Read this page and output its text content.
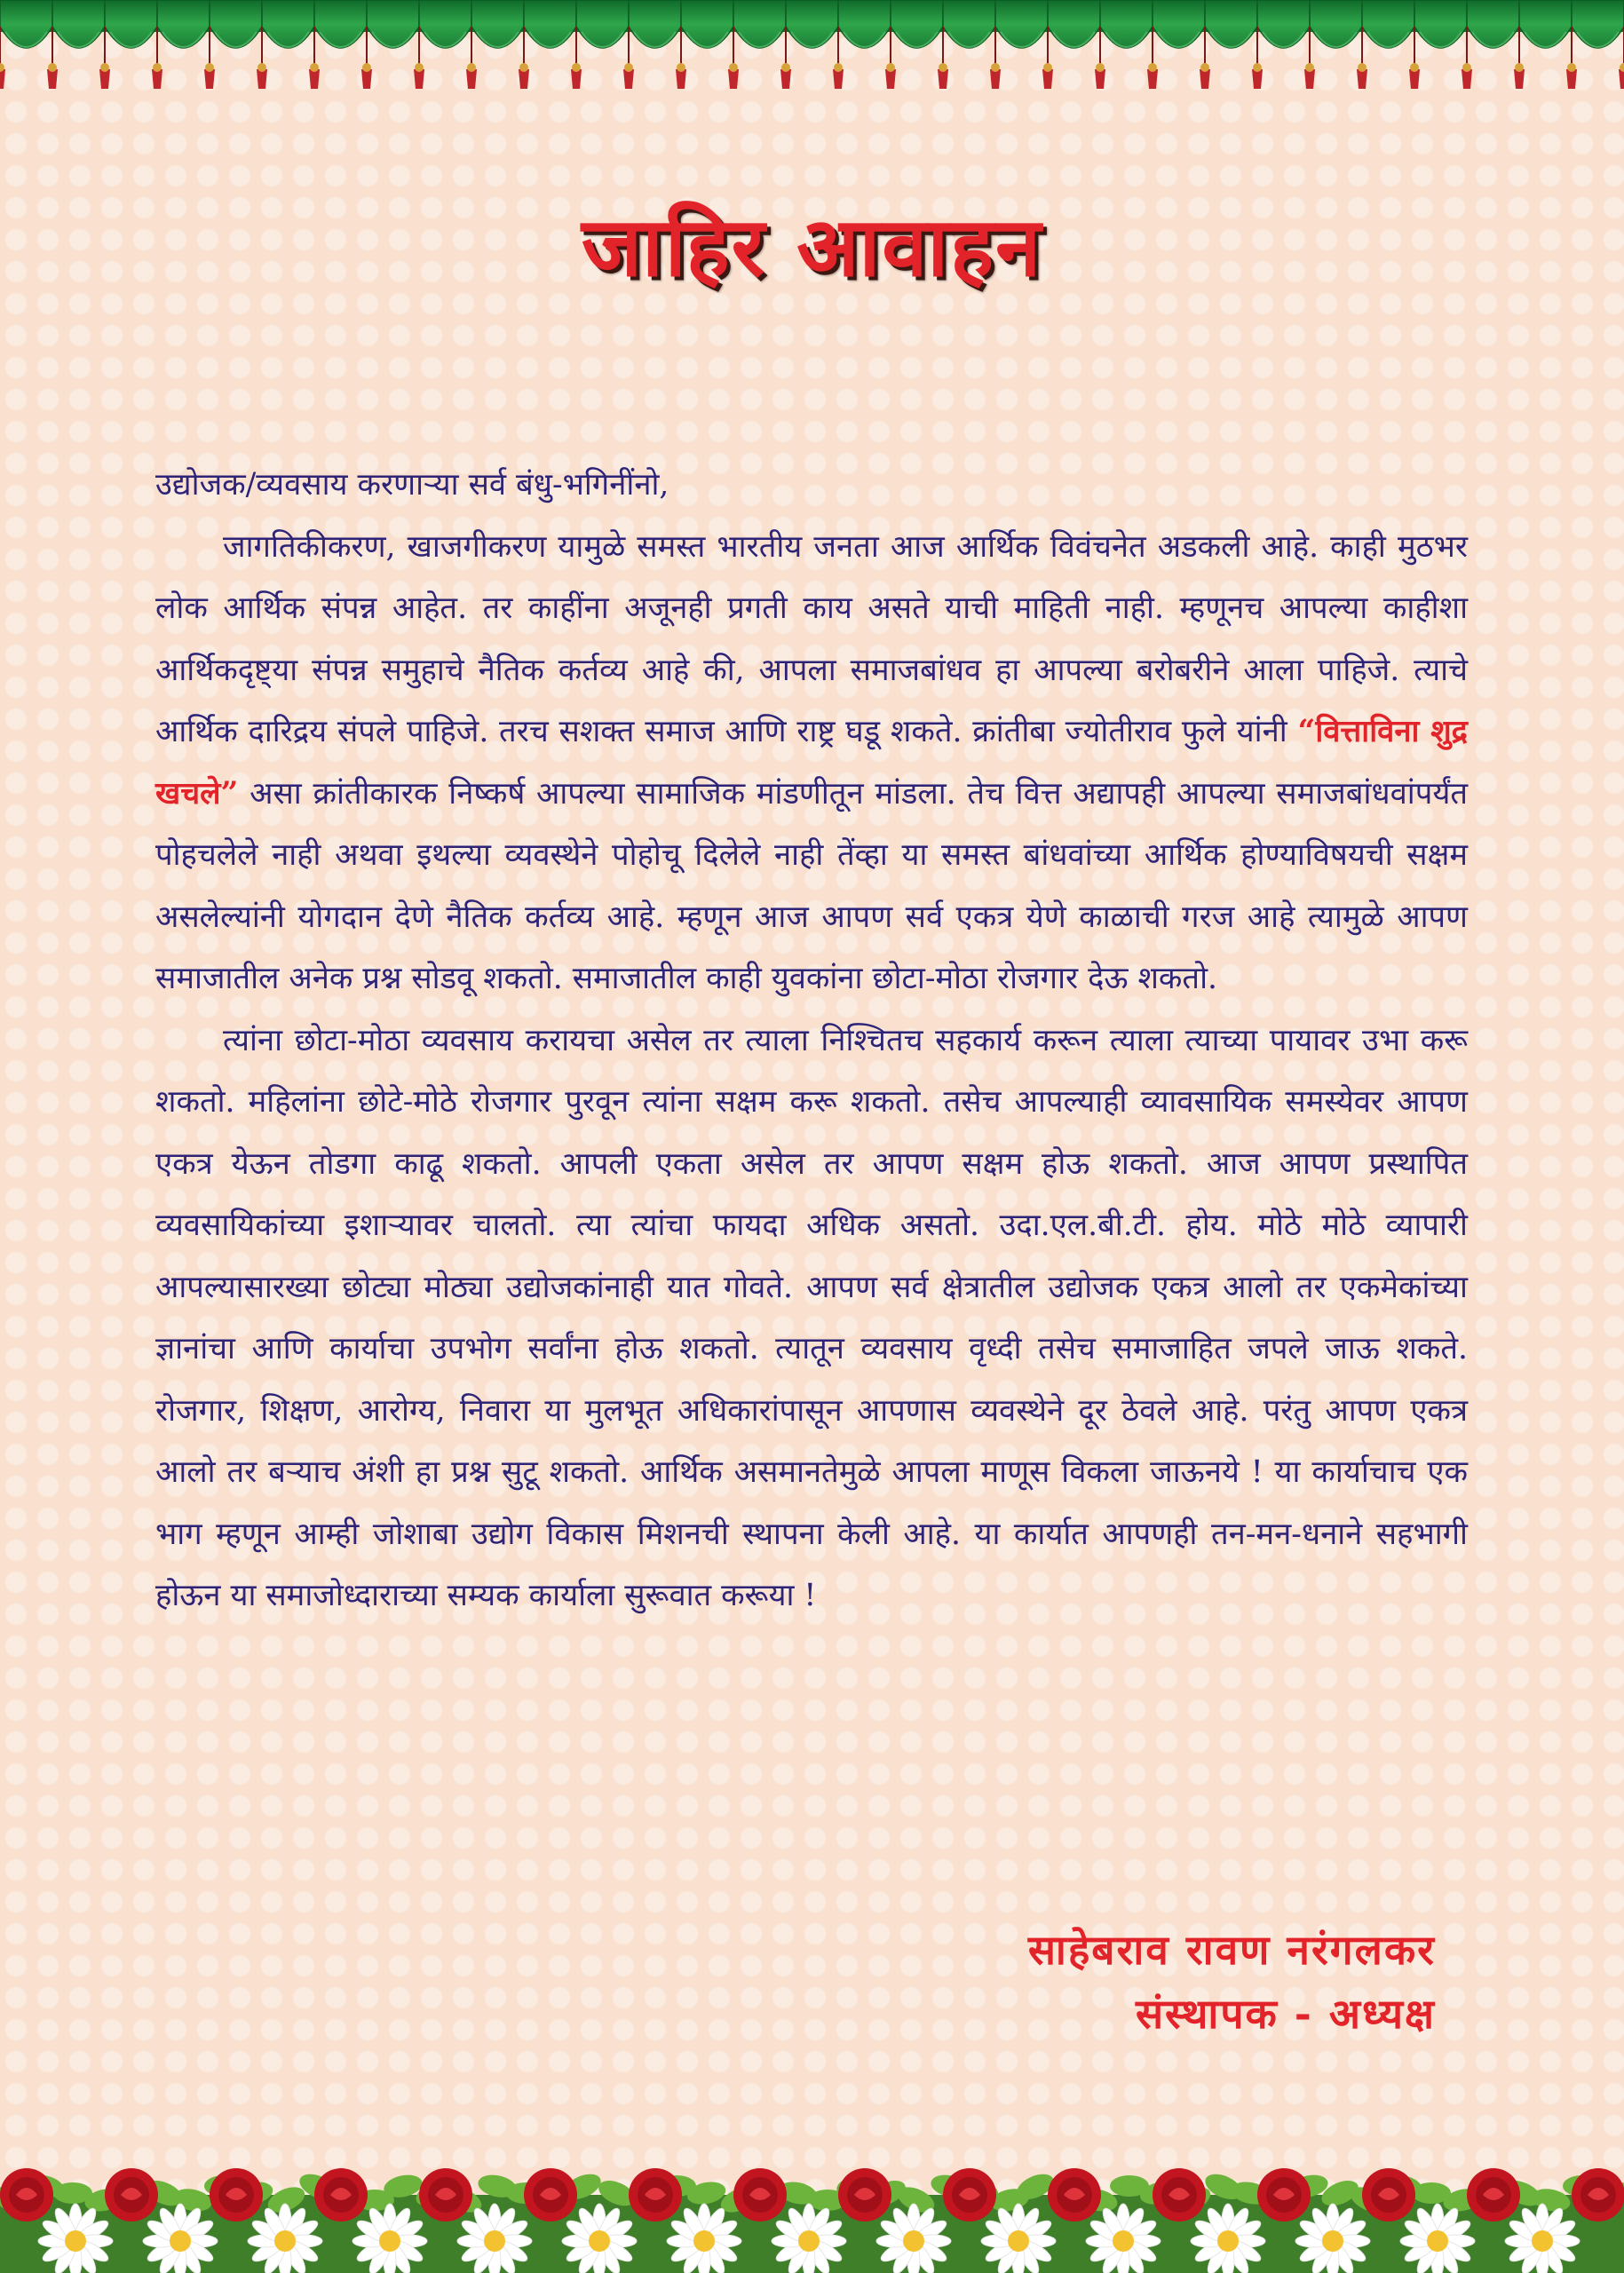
जाहिर आवाहन

उद्योजक/व्यवसाय करणाऱ्या सर्व बंधु-भगिनींनो,

जागतिकीकरण, खाजगीकरण यामुळे समस्त भारतीय जनता आज आर्थिक विवंचनेत अडकली आहे. काही मुठभर लोक आर्थिक संपन्न आहेत. तर काहींना अजूनही प्रगती काय असते याची माहिती नाही. म्हणूनच आपल्या काहीशा आर्थिकदृष्ट्या संपन्न समुहाचे नैतिक कर्तव्य आहे की, आपला समाजबांधव हा आपल्या बरोबरीने आला पाहिजे. त्याचे आर्थिक दारिद्रय संपले पाहिजे. तरच सशक्त समाज आणि राष्ट्र घडू शकते. क्रांतीबा ज्योतीराव फुले यांनी “वित्ताविना शुद्र खचले” असा क्रांतीकारक निष्कर्ष आपल्या सामाजिक मांडणीतून मांडला. तेच वित्त अद्यापही आपल्या समाजबांधवांपर्यंत पोहचलेले नाही अथवा इथल्या व्यवस्थेने पोहोचू दिलेले नाही तेंव्हा या समस्त बांधवांच्या आर्थिक होण्याविषयची सक्षम असलेल्यांनी योगदान देणे नैतिक कर्तव्य आहे. म्हणून आज आपण सर्व एकत्र येणे काळाची गरज आहे त्यामुळे आपण समाजातील अनेक प्रश्न सोडवू शकतो. समाजातील काही युवकांना छोटा-मोठा रोजगार देऊ शकतो.

त्यांना छोटा-मोठा व्यवसाय करायचा असेल तर त्याला निश्चितच सहकार्य करून त्याला त्याच्या पायावर उभा करू शकतो. महिलांना छोटे-मोठे रोजगार पुरवून त्यांना सक्षम करू शकतो. तसेच आपल्याही व्यावसायिक समस्येवर आपण एकत्र येऊन तोडगा काढू शकतो. आपली एकता असेल तर आपण सक्षम होऊ शकतो. आज आपण प्रस्थापित व्यवसायिकांच्या इशाऱ्यावर चालतो. त्या त्यांचा फायदा अधिक असतो. उदा.एल.बी.टी. होय. मोठे मोठे व्यापारी आपल्यासारख्या छोट्या मोठ्या उद्योजकांनाही यात गोवते. आपण सर्व क्षेत्रातील उद्योजक एकत्र आलो तर एकमेकांच्या ज्ञानांचा आणि कार्याचा उपभोग सर्वांना होऊ शकतो. त्यातून व्यवसाय वृध्दी तसेच समाजाहित जपले जाऊ शकते. रोजगार, शिक्षण, आरोग्य, निवारा या मुलभूत अधिकारांपासून आपणास व्यवस्थेने दूर ठेवले आहे. परंतु आपण एकत्र आलो तर बऱ्याच अंशी हा प्रश्न सुटू शकतो. आर्थिक असमानतेमुळे आपला माणूस विकला जाऊनये ! या कार्याचाच एक भाग म्हणून आम्ही जोशाबा उद्योग विकास मिशनची स्थापना केली आहे. या कार्यात आपणही तन-मन-धनाने सहभागी होऊन या समाजोध्दाराच्या सम्यक कार्याला सुरूवात करूया !

साहेबराव रावण नरंगलकर
संस्थापक - अध्यक्ष
